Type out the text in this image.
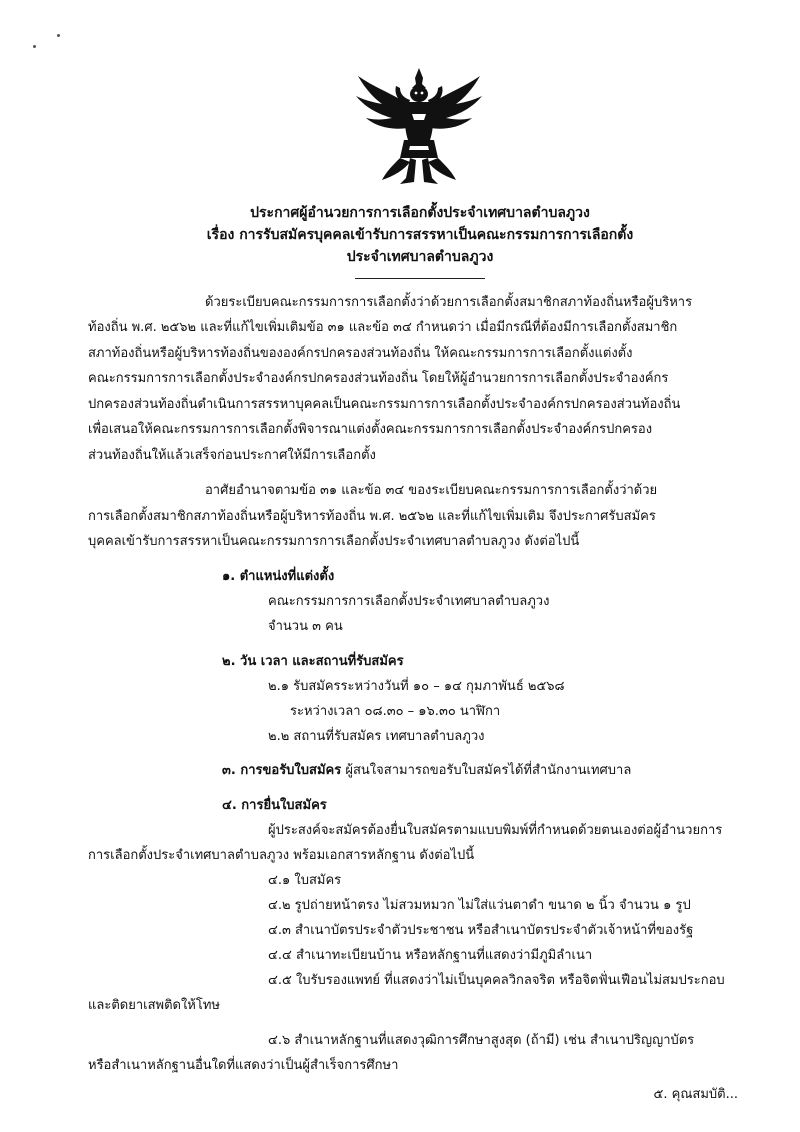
ประกาศผู้อำนวยการการเลือกตั้งประจำเทศบาลตำบลภูวง
เรื่อง การรับสมัครบุคคลเข้ารับการสรรหาเป็นคณะกรรมการการเลือกตั้ง
ประจำเทศบาลตำบลภูวง
ด้วยระเบียบคณะกรรมการการเลือกตั้งว่าด้วยการเลือกตั้งสมาชิกสภาท้องถิ่นหรือผู้บริหาร
ท้องถิ่น พ.ศ. ๒๕๖๒ และที่แก้ไขเพิ่มเติมข้อ ๓๑ และข้อ ๓๔ กำหนดว่า เมื่อมีกรณีที่ต้องมีการเลือกตั้งสมาชิก
สภาท้องถิ่นหรือผู้บริหารท้องถิ่นขององค์กรปกครองส่วนท้องถิ่น ให้คณะกรรมการการเลือกตั้งแต่งตั้ง
คณะกรรมการการเลือกตั้งประจำองค์กรปกครองส่วนท้องถิ่น โดยให้ผู้อำนวยการการเลือกตั้งประจำองค์กร
ปกครองส่วนท้องถิ่นดำเนินการสรรหาบุคคลเป็นคณะกรรมการการเลือกตั้งประจำองค์กรปกครองส่วนท้องถิ่น
เพื่อเสนอให้คณะกรรมการการเลือกตั้งพิจารณาแต่งตั้งคณะกรรมการการเลือกตั้งประจำองค์กรปกครอง
ส่วนท้องถิ่นให้แล้วเสร็จก่อนประกาศให้มีการเลือกตั้ง
อาศัยอำนาจตามข้อ ๓๑ และข้อ ๓๔ ของระเบียบคณะกรรมการการเลือกตั้งว่าด้วย
การเลือกตั้งสมาชิกสภาท้องถิ่นหรือผู้บริหารท้องถิ่น พ.ศ. ๒๕๖๒ และที่แก้ไขเพิ่มเติม จึงประกาศรับสมัคร
บุคคลเข้ารับการสรรหาเป็นคณะกรรมการการเลือกตั้งประจำเทศบาลตำบลภูวง ดังต่อไปนี้
๑. ตำแหน่งที่แต่งตั้ง
คณะกรรมการการเลือกตั้งประจำเทศบาลตำบลภูวง
จำนวน ๓ คน
๒. วัน เวลา และสถานที่รับสมัคร
๒.๑ รับสมัครระหว่างวันที่ ๑๐ – ๑๔ กุมภาพันธ์ ๒๕๖๘
ระหว่างเวลา ๐๘.๓๐ – ๑๖.๓๐ นาฬิกา
๒.๒ สถานที่รับสมัคร เทศบาลตำบลภูวง
๓. การขอรับใบสมัคร ผู้สนใจสามารถขอรับใบสมัครได้ที่สำนักงานเทศบาล
๔. การยื่นใบสมัคร
ผู้ประสงค์จะสมัครต้องยื่นใบสมัครตามแบบพิมพ์ที่กำหนดด้วยตนเองต่อผู้อำนวยการ
การเลือกตั้งประจำเทศบาลตำบลภูวง พร้อมเอกสารหลักฐาน ดังต่อไปนี้
๔.๑ ใบสมัคร
๔.๒ รูปถ่ายหน้าตรง ไม่สวมหมวก ไม่ใส่แว่นตาดำ ขนาด ๒ นิ้ว จำนวน ๑ รูป
๔.๓ สำเนาบัตรประจำตัวประชาชน หรือสำเนาบัตรประจำตัวเจ้าหน้าที่ของรัฐ
๔.๔ สำเนาทะเบียนบ้าน หรือหลักฐานที่แสดงว่ามีภูมิลำเนา
๔.๕ ใบรับรองแพทย์ ที่แสดงว่าไม่เป็นบุคคลวิกลจริต หรือจิตฟั่นเฟือนไม่สมประกอบ
และติดยาเสพติดให้โทษ
๔.๖ สำเนาหลักฐานที่แสดงวุฒิการศึกษาสูงสุด (ถ้ามี) เช่น สำเนาปริญญาบัตร
หรือสำเนาหลักฐานอื่นใดที่แสดงว่าเป็นผู้สำเร็จการศึกษา
๕. คุณสมบัติ...
